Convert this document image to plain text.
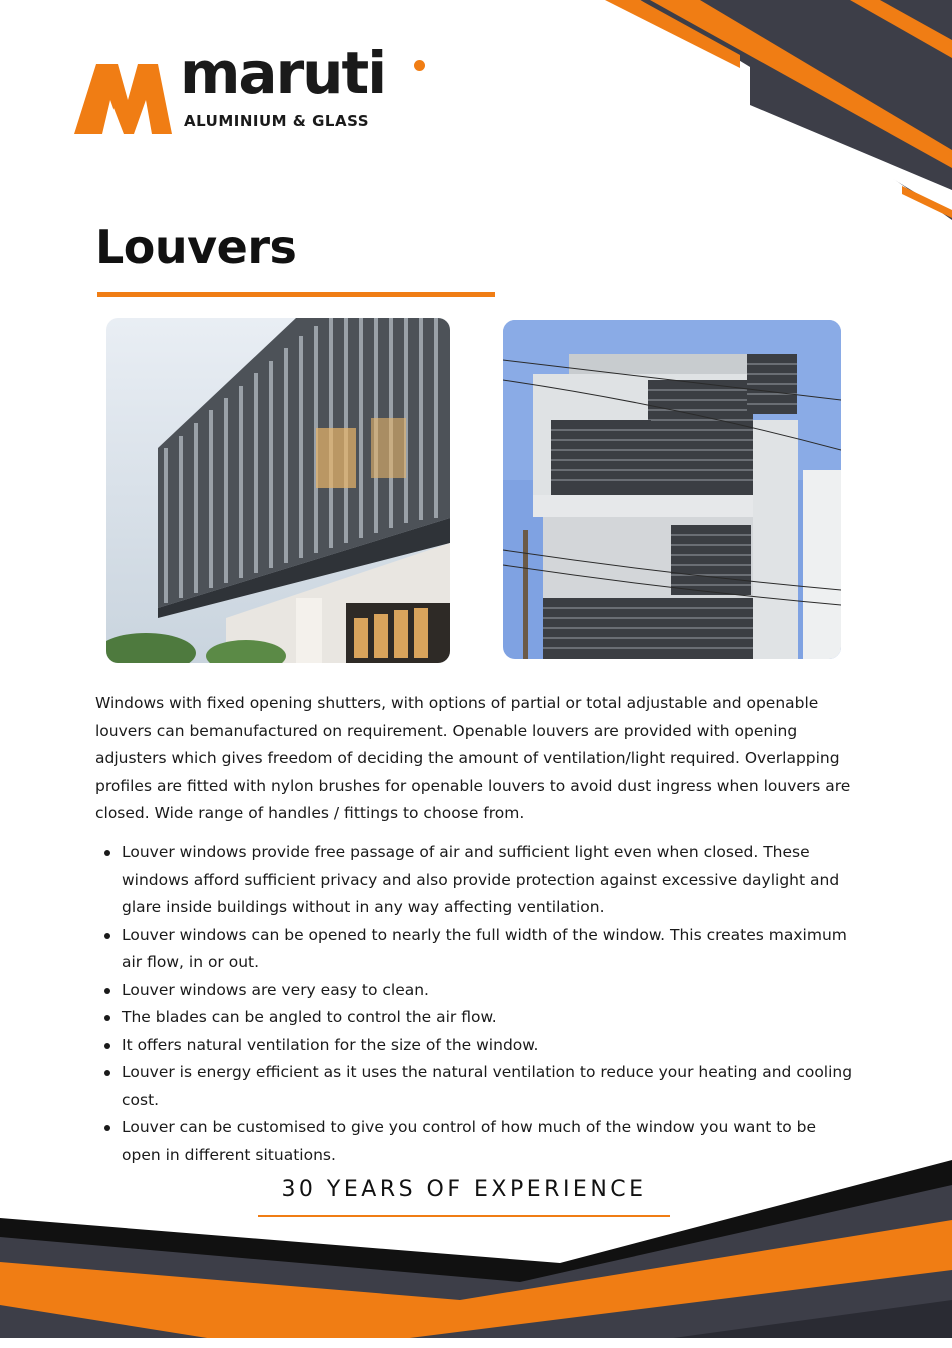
maruti
ALUMINIUM & GLASS
Louvers

Windows with fixed opening shutters, with options of partial or total adjustable and openable louvers can bemanufactured on requirement. Openable louvers are provided with opening adjusters which gives freedom of deciding the amount of ventilation/light required. Overlapping profiles are fitted with nylon brushes for openable louvers to avoid dust ingress when louvers are closed. Wide range of handles / fittings to choose from.

Louver windows provide free passage of air and sufficient light even when closed. These windows afford sufficient privacy and also provide protection against excessive daylight and glare inside buildings without in any way affecting ventilation.
Louver windows can be opened to nearly the full width of the window. This creates maximum air flow, in or out.
Louver windows are very easy to clean.
The blades can be angled to control the air flow.
It offers natural ventilation for the size of the window.
Louver is energy efficient as it uses the natural ventilation to reduce your heating and cooling cost.
Louver can be customised to give you control of how much of the window you want to be open in different situations.
30 YEARS OF EXPERIENCE
